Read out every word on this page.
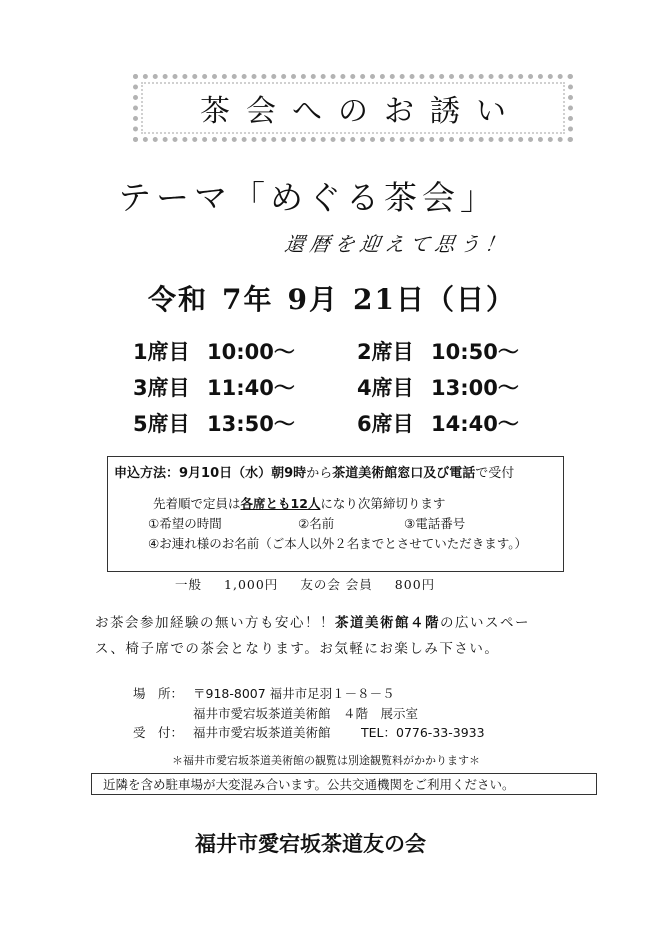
茶会へのお誘い
テーマ「めぐる茶会」
還暦を迎えて思う！
令和 7年 9月 21日（日）
1席目 10:00～	2席目 10:50～
3席目 11:40～	4席目 13:00～
5席目 13:50～	6席目 14:40～
申込方法：9月10日（水）朝9時から茶道美術館窓口及び電話で受付
先着順で定員は各席とも12人になり次第締切ります
①希望の時間	②名前	③電話番号
④お連れ様のお名前（ご本人以外２名までとさせていただきます。）
一般 1,000円 友の会 会員 800円
お茶会参加経験の無い方も安心！！茶道美術館４階の広いスペー
ス、椅子席での茶会となります。お気軽にお楽しみ下さい。
場　所： 〒918-8007 福井市足羽１－８－５
福井市愛宕坂茶道美術館　４階　展示室
受　付： 福井市愛宕坂茶道美術館 TEL：0776-33-3933
＊福井市愛宕坂茶道美術館の観覧は別途観覧料がかかります＊
近隣を含め駐車場が大変混み合います。公共交通機関をご利用ください。
福井市愛宕坂茶道友の会
